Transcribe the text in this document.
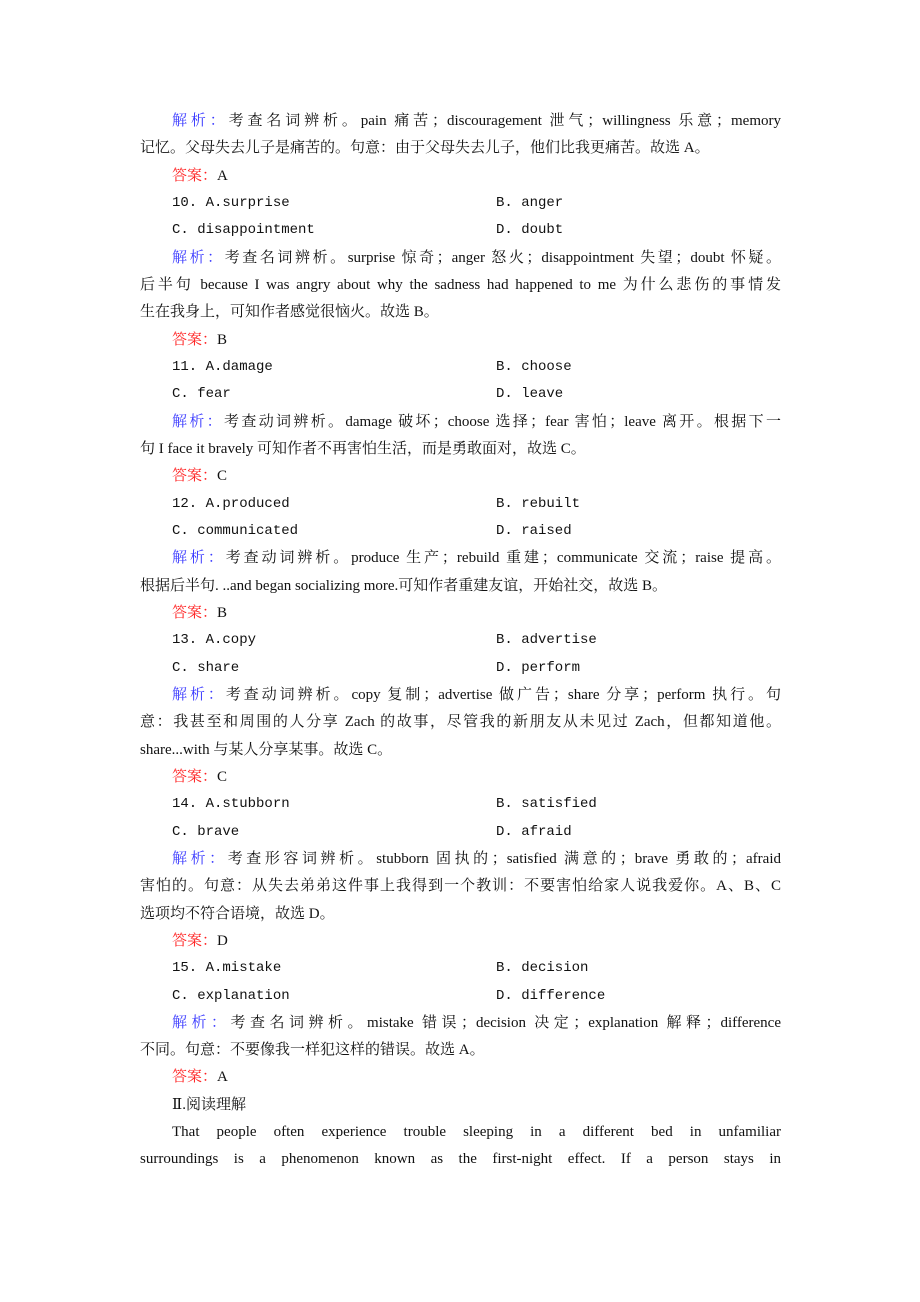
解析：考查名词辨析。pain 痛苦；discouragement 泄气；willingness 乐意；memory
记忆。父母失去儿子是痛苦的。句意：由于父母失去儿子，他们比我更痛苦。故选 A。
答案：A
10. A.surprise	B. anger
C. disappointment	D. doubt
解析：考查名词辨析。surprise 惊奇；anger 怒火；disappointment 失望；doubt 怀疑。
后半句 because I was angry about why the sadness had happened to me 为什么悲伤的事情发
生在我身上，可知作者感觉很恼火。故选 B。
答案：B
11. A.damage	B. choose
C. fear	D. leave
解析：考查动词辨析。damage 破坏；choose 选择；fear 害怕；leave 离开。根据下一
句 I face it bravely 可知作者不再害怕生活，而是勇敢面对，故选 C。
答案：C
12. A.produced	B. rebuilt
C. communicated	D. raised
解析：考查动词辨析。produce 生产；rebuild 重建；communicate 交流；raise 提高。
根据后半句. ..and began socializing more.可知作者重建友谊，开始社交，故选 B。
答案：B
13. A.copy	B. advertise
C. share	D. perform
解析：考查动词辨析。copy 复制；advertise 做广告；share 分享；perform 执行。句
意：我甚至和周围的人分享 Zach 的故事，尽管我的新朋友从未见过 Zach，但都知道他。
share...with 与某人分享某事。故选 C。
答案：C
14. A.stubborn	B. satisfied
C. brave	D. afraid
解析：考查形容词辨析。stubborn 固执的；satisfied 满意的；brave 勇敢的；afraid
害怕的。句意：从失去弟弟这件事上我得到一个教训：不要害怕给家人说我爱你。A、B、C
选项均不符合语境，故选 D。
答案：D
15. A.mistake	B. decision
C. explanation	D. difference
解析：考查名词辨析。mistake 错误；decision 决定；explanation 解释；difference
不同。句意：不要像我一样犯这样的错误。故选 A。
答案：A
Ⅱ.阅读理解
That people often experience trouble sleeping in a different bed in unfamiliar
surroundings is a phenomenon known as the first-night effect. If a person stays in
